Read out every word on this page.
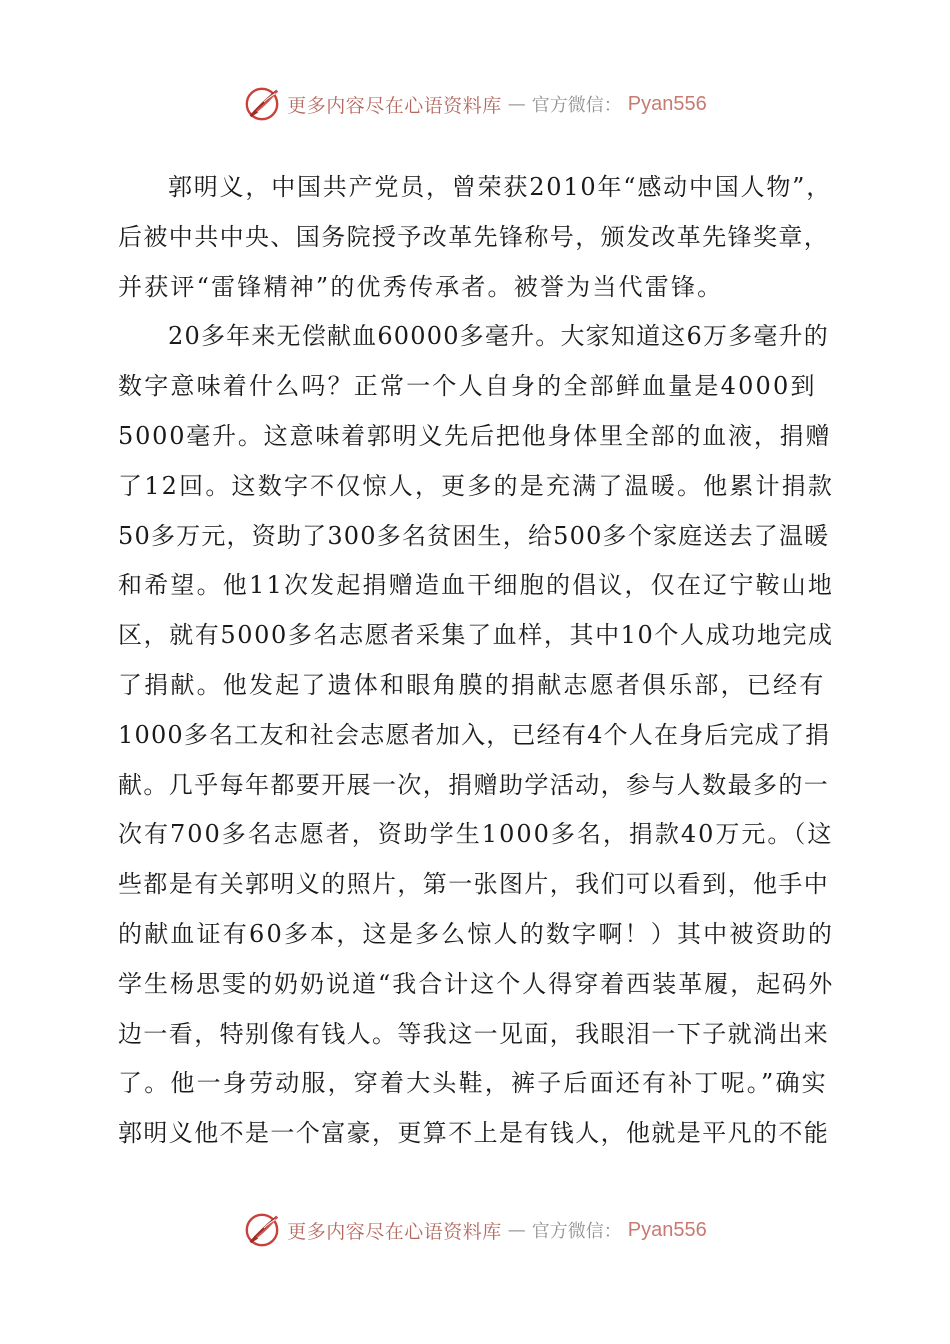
更多内容尽在心语资料库 — 官方微信： Pyan556
郭明义，中国共产党员，曾荣获2010年“感动中国人物”，
后被中共中央、国务院授予改革先锋称号，颁发改革先锋奖章，
并获评“雷锋精神”的优秀传承者。被誉为当代雷锋。
20多年来无偿献血60000多毫升。大家知道这6万多毫升的
数字意味着什么吗？正常一个人自身的全部鲜血量是4000到
5000毫升。这意味着郭明义先后把他身体里全部的血液，捐赠
了12回。这数字不仅惊人，更多的是充满了温暖。他累计捐款
50多万元，资助了300多名贫困生，给500多个家庭送去了温暖
和希望。他11次发起捐赠造血干细胞的倡议，仅在辽宁鞍山地
区，就有5000多名志愿者采集了血样，其中10个人成功地完成
了捐献。他发起了遗体和眼角膜的捐献志愿者俱乐部，已经有
1000多名工友和社会志愿者加入，已经有4个人在身后完成了捐
献。几乎每年都要开展一次，捐赠助学活动，参与人数最多的一
次有700多名志愿者，资助学生1000多名，捐款40万元。（这
些都是有关郭明义的照片，第一张图片，我们可以看到，他手中
的献血证有60多本，这是多么惊人的数字啊！）其中被资助的
学生杨思雯的奶奶说道“我合计这个人得穿着西装革履，起码外
边一看，特别像有钱人。等我这一见面，我眼泪一下子就淌出来
了。他一身劳动服，穿着大头鞋，裤子后面还有补丁呢。”确实
郭明义他不是一个富豪，更算不上是有钱人，他就是平凡的不能
更多内容尽在心语资料库 — 官方微信： Pyan556
